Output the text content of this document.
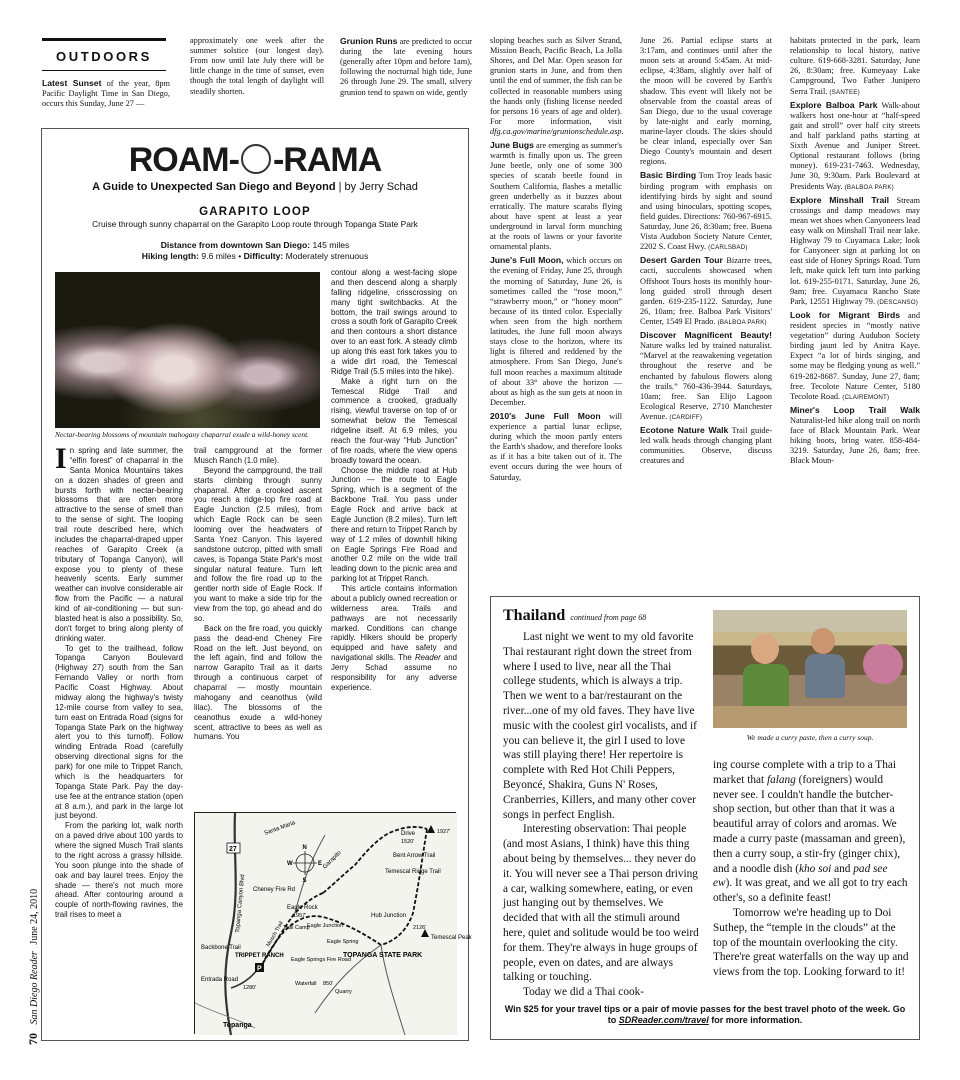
OUTDOORS

Latest Sunset of the year, 8pm Pacific Daylight Time in San Diego, occurs this Sunday, June 27 —

approximately one week after the summer solstice (our longest day). From now until late July there will be little change in the time of sunset, even though the total length of daylight will steadily shorten.

Grunion Runs are predicted to occur during the late evening hours (generally after 10pm and before 1am), following the nocturnal high tide, June 26 through June 29. The small, silvery grunion tend to spawn on wide, gently

sloping beaches such as Silver Strand, Mission Beach, Pacific Beach, La Jolla Shores, and Del Mar. Open season for grunion starts in June, and from then until the end of summer, the fish can be collected in reasonable numbers using the hands only (fishing license needed for persons 16 years of age and older). For more information, visit dfg.ca.gov/marine/grunionschedule.asp.

June Bugs are emerging as summer's warmth is finally upon us. The green June beetle, only one of some 300 species of scarab beetle found in Southern California, flashes a metallic green underbelly as it buzzes about erratically. The mature scarabs flying about have spent at least a year underground in larval form munching at the roots of lawns or your favorite ornamental plants.

June's Full Moon, which occurs on the evening of Friday, June 25, through the morning of Saturday, June 26, is sometimes called the “rose moon,” “strawberry moon,” or “honey moon” because of its tinted color. Especially when seen from the high northern latitudes, the June full moon always stays close to the horizon, where its light is filtered and reddened by the atmosphere. From San Diego, June's full moon reaches a maximum altitude of about 33° above the horizon — about as high as the sun gets at noon in December.

2010's June Full Moon will experience a partial lunar eclipse, during which the moon partly enters the Earth's shadow, and therefore looks as if it has a bite taken out of it. The event occurs during the wee hours of Saturday,

June 26. Partial eclipse starts at 3:17am, and continues until after the moon sets at around 5:45am. At mid-eclipse, 4:38am, slightly over half of the moon will be covered by Earth's shadow. This event will likely not be observable from the coastal areas of San Diego, due to the usual coverage by late-night and early morning, marine-layer clouds. The skies should be clear inland, especially over San Diego County's mountain and desert regions.

Basic Birding Tom Troy leads basic birding program with emphasis on identifying birds by sight and sound and using binoculars, spotting scopes, field guides. Directions: 760-967-6915. Saturday, June 26, 8:30am; free. Buena Vista Audubon Society Nature Center, 2202 S. Coast Hwy. (CARLSBAD)

Desert Garden Tour Bizarre trees, cacti, succulents showcased when Offshoot Tours hosts its monthly hour-long guided stroll through desert garden. 619-235-1122. Saturday, June 26, 10am; free. Balboa Park Visitors' Center, 1549 El Prado. (BALBOA PARK)

Discover Magnificent Beauty! Nature walks led by trained naturalist. “Marvel at the reawakening vegetation throughout the reserve and be enchanted by fabulous flowers along the trails.” 760-436-3944. Saturdays, 10am; free. San Elijo Lagoon Ecological Reserve, 2710 Manchester Avenue. (CARDIFF)

Ecotone Nature Walk Trail guide-led walk heads through changing plant communities. Observe, discuss creatures and

habitats protected in the park, learn relationship to local history, native culture. 619-668-3281. Saturday, June 26, 8:30am; free. Kumeyaay Lake Campground, Two Father Junipero Serra Trail. (SANTEE)

Explore Balboa Park Walk-about walkers host one-hour at “half-speed gait and stroll” over half city streets and half parkland paths starting at Sixth Avenue and Juniper Street. Optional restaurant follows (bring money). 619-231-7463. Wednesday, June 30, 9:30am. Park Boulevard at Presidents Way. (BALBOA PARK)

Explore Minshall Trail Stream crossings and damp meadows may mean wet shoes when Canyoneers lead easy walk on Minshall Trail near lake. Highway 79 to Cuyamaca Lake; look for Canyoneer sign at parking lot on east side of Honey Springs Road. Turn left, make quick left turn into parking lot. 619-255-0171. Saturday, June 26, 9am; free. Cuyamaca Rancho State Park, 12551 Highway 79. (DESCANSO)

Look for Migrant Birds and resident species in “mostly native vegetation” during Audubon Society birding jaunt led by Anitra Kaye. Expect “a lot of birds singing, and some may be fledging young as well.” 619-282-8687. Sunday, June 27, 8am; free. Tecolote Nature Center, 5180 Tecolote Road. (CLAIREMONT)

Miner's Loop Trail Walk Naturalist-led hike along trail on north face of Black Mountain Park. Wear hiking boots, bring water. 858-484-3219. Saturday, June 26, 8am; free. Black Moun-

70 San Diego Reader June 24, 2010
ROAM- -RAMA
A Guide to Unexpected San Diego and Beyond | by Jerry Schad
GARAPITO LOOP
Cruise through sunny chaparral on the Garapito Loop route through Topanga State Park
Distance from downtown San Diego: 145 miles
Hiking length: 9.6 miles • Difficulty: Moderately strenuous
Nectar-bearing blossoms of mountain mahogany chaparral exude a wild-honey scent.

In spring and late summer, the “elfin forest” of chaparral in the Santa Monica Mountains takes on a dozen shades of green and bursts forth with nectar-bearing blossoms that are often more attractive to the sense of smell than to the sense of sight. The looping trail route described here, which includes the chaparral-draped upper reaches of Garapito Creek (a tributary of Topanga Canyon), will expose you to plenty of these heavenly scents. Early summer weather can involve considerable air flow from the Pacific — a natural kind of air-conditioning — but sun-blasted heat is also a possibility. So, don't forget to bring along plenty of drinking water.

To get to the trailhead, follow Topanga Canyon Boulevard (Highway 27) south from the San Fernando Valley or north from Pacific Coast Highway. About midway along the highway's twisty 12-mile course from valley to sea, turn east on Entrada Road (signs for Topanga State Park on the highway alert you to this turnoff). Follow winding Entrada Road (carefully observing directional signs for the park) for one mile to Trippet Ranch, which is the headquarters for Topanga State Park. Pay the day-use fee at the entrance station (open at 8 a.m.), and park in the large lot just beyond.

From the parking lot, walk north on a paved drive about 100 yards to where the signed Musch Trail slants to the right across a grassy hillside. You soon plunge into the shade of oak and bay laurel trees. Enjoy the shade — there's not much more ahead. After contouring around a couple of north-flowing ravines, the trail rises to meet a

trail campground at the former Musch Ranch (1.0 mile).

Beyond the campground, the trail starts climbing through sunny chaparral. After a crooked ascent you reach a ridge-top fire road at Eagle Junction (2.5 miles), from which Eagle Rock can be seen looming over the headwaters of Santa Ynez Canyon. This layered sandstone outcrop, pitted with small caves, is Topanga State Park's most singular natural feature. Turn left and follow the fire road up to the gentler north side of Eagle Rock. If you want to make a side trip for the view from the top, go ahead and do so.

Back on the fire road, you quickly pass the dead-end Cheney Fire Road on the left. Just beyond, on the left again, find and follow the narrow Garapito Trail as it darts through a continuous carpet of chaparral — mostly mountain mahogany and ceanothus (wild lilac). The blossoms of the ceanothus exude a wild-honey scent, attractive to bees as well as humans. You

contour along a west-facing slope and then descend along a sharply falling ridgeline, crisscrossing on many tight switchbacks. At the bottom, the trail swings around to cross a south fork of Garapito Creek and then contours a short distance over to an east fork. A steady climb up along this east fork takes you to a wide dirt road, the Temescal Ridge Trail (5.5 miles into the hike).

Make a right turn on the Temescal Ridge Trail and commence a crooked, gradually rising, viewful traverse on top of or somewhat below the Temescal ridgeline itself. At 6.9 miles, you reach the four-way “Hub Junction” of fire roads, where the view opens broadly toward the ocean.

Choose the middle road at Hub Junction — the route to Eagle Spring, which is a segment of the Backbone Trail. You pass under Eagle Rock and arrive back at Eagle Junction (8.2 miles). Turn left there and return to Trippet Ranch by way of 1.2 miles of downhill hiking on Eagle Springs Fire Road and another 0.2 mile on the wide trail leading down to the picnic area and parking lot at Trippet Ranch.

This article contains information about a publicly owned recreation or wilderness area. Trails and pathways are not necessarily marked. Conditions can change rapidly. Hikers should be properly equipped and have safety and navigational skills. The Reader and Jerry Schad assume no responsibility for any adverse experience.

Santa Maria
27
Cheney Fire Rd
Garapito
Eagle Rock
1957'
Trail Camp
Eagle Junction
Eagle Spring
Hub Junction
Temescal Peak
2126'
Temescal Ridge Trail
Bent Arrow Trail
Drive
1520'
1927'
N
S
E
W
Backbone Trail
TRIPPET RANCH
P
Entrada Road
1280'
Eagle Springs Fire Road
TOPANGA STATE PARK
Waterfall
Quarry
850'
Topanga
Topanga Canyon Blvd
Musch Trail
Thailand continued from page 68
We made a curry paste, then a curry soup.

Last night we went to my old favorite Thai restaurant right down the street from where I used to live, near all the Thai college students, which is always a trip. Then we went to a bar/restaurant on the river...one of my old faves. They have live music with the coolest girl vocalists, and if you can believe it, the girl I used to love was still playing there! Her repertoire is complete with Red Hot Chili Peppers, Beyoncé, Shakira, Guns N' Roses, Cranberries, Killers, and many other cover songs in perfect English.

Interesting observation: Thai people (and most Asians, I think) have this thing about being by themselves... they never do it. You will never see a Thai person driving a car, walking somewhere, eating, or even just hanging out by themselves. We decided that with all the stimuli around here, quiet and solitude would be too weird for them. They're always in huge groups of people, even on dates, and are always talking or touching.

Today we did a Thai cook-

ing course complete with a trip to a Thai market that falang (foreigners) would never see. I couldn't handle the butcher-shop section, but other than that it was a beautiful array of colors and aromas. We made a curry paste (massaman and green), then a curry soup, a stir-fry (ginger chix), and a noodle dish (kho soi and pad see ew). It was great, and we all got to try each other's, so a definite feast!

Tomorrow we're heading up to Doi Suthep, the “temple in the clouds” at the top of the mountain overlooking the city. There're great waterfalls on the way up and views from the top. Looking forward to it!

Win $25 for your travel tips or a pair of movie passes for the best travel photo of the week. Go to SDReader.com/travel for more information.
